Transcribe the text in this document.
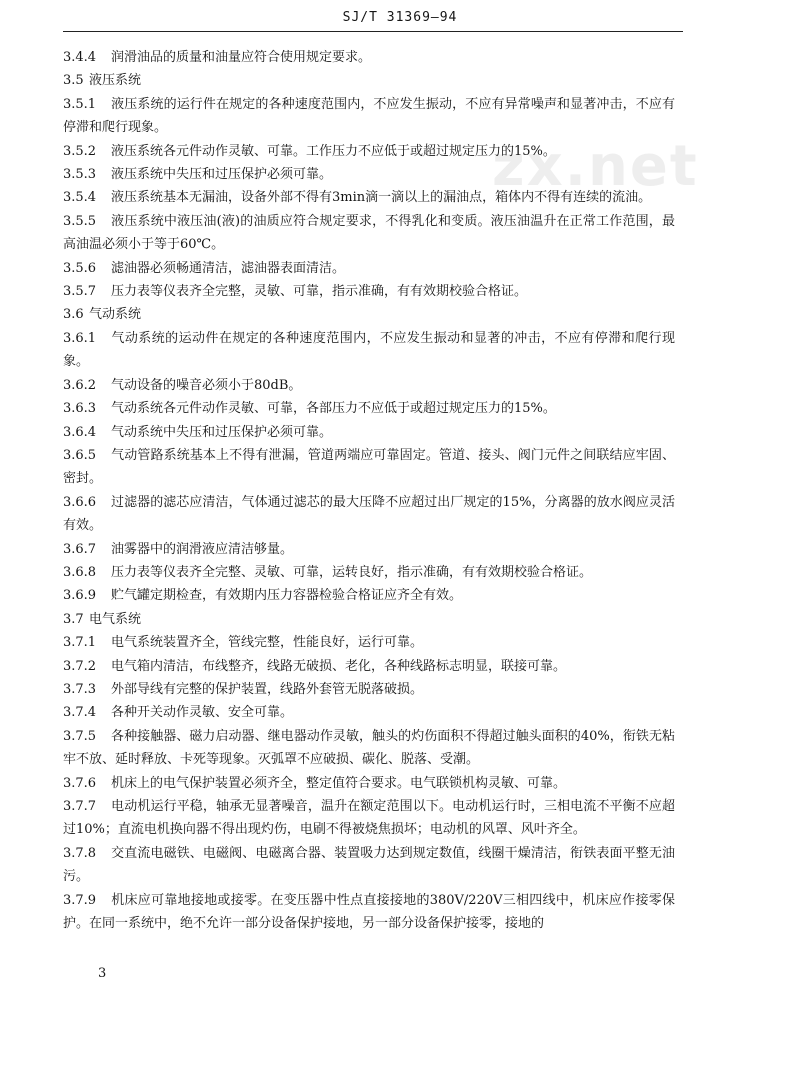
SJ/T 31369—94
zx.net
3.4.4 润滑油品的质量和油量应符合使用规定要求。
3.5 液压系统
3.5.1 液压系统的运行件在规定的各种速度范围内，不应发生振动，不应有异常噪声和显著冲击，不应有停滞和爬行现象。
3.5.2 液压系统各元件动作灵敏、可靠。工作压力不应低于或超过规定压力的15%。
3.5.3 液压系统中失压和过压保护必须可靠。
3.5.4 液压系统基本无漏油，设备外部不得有3min滴一滴以上的漏油点，箱体内不得有连续的流油。
3.5.5 液压系统中液压油(液)的油质应符合规定要求，不得乳化和变质。液压油温升在正常工作范围，最高油温必须小于等于60℃。
3.5.6 滤油器必须畅通清洁，滤油器表面清洁。
3.5.7 压力表等仪表齐全完整，灵敏、可靠，指示准确，有有效期校验合格证。
3.6 气动系统
3.6.1 气动系统的运动件在规定的各种速度范围内，不应发生振动和显著的冲击，不应有停滞和爬行现象。
3.6.2 气动设备的噪音必须小于80dB。
3.6.3 气动系统各元件动作灵敏、可靠，各部压力不应低于或超过规定压力的15%。
3.6.4 气动系统中失压和过压保护必须可靠。
3.6.5 气动管路系统基本上不得有泄漏，管道两端应可靠固定。管道、接头、阀门元件之间联结应牢固、密封。
3.6.6 过滤器的滤芯应清洁，气体通过滤芯的最大压降不应超过出厂规定的15%，分离器的放水阀应灵活有效。
3.6.7 油雾器中的润滑液应清洁够量。
3.6.8 压力表等仪表齐全完整、灵敏、可靠，运转良好，指示准确，有有效期校验合格证。
3.6.9 贮气罐定期检查，有效期内压力容器检验合格证应齐全有效。
3.7 电气系统
3.7.1 电气系统装置齐全，管线完整，性能良好，运行可靠。
3.7.2 电气箱内清洁，布线整齐，线路无破损、老化，各种线路标志明显，联接可靠。
3.7.3 外部导线有完整的保护装置，线路外套管无脱落破损。
3.7.4 各种开关动作灵敏、安全可靠。
3.7.5 各种接触器、磁力启动器、继电器动作灵敏，触头的灼伤面积不得超过触头面积的40%，衔铁无粘牢不放、延时释放、卡死等现象。灭弧罩不应破损、碳化、脱落、受潮。
3.7.6 机床上的电气保护装置必须齐全，整定值符合要求。电气联锁机构灵敏、可靠。
3.7.7 电动机运行平稳，轴承无显著噪音，温升在额定范围以下。电动机运行时，三相电流不平衡不应超过10%；直流电机换向器不得出现灼伤，电刷不得被烧焦损坏；电动机的风罩、风叶齐全。
3.7.8 交直流电磁铁、电磁阀、电磁离合器、装置吸力达到规定数值，线圈干燥清洁，衔铁表面平整无油污。
3.7.9 机床应可靠地接地或接零。在变压器中性点直接接地的380V/220V三相四线中，机床应作接零保护。在同一系统中，绝不允许一部分设备保护接地，另一部分设备保护接零，接地的
3
